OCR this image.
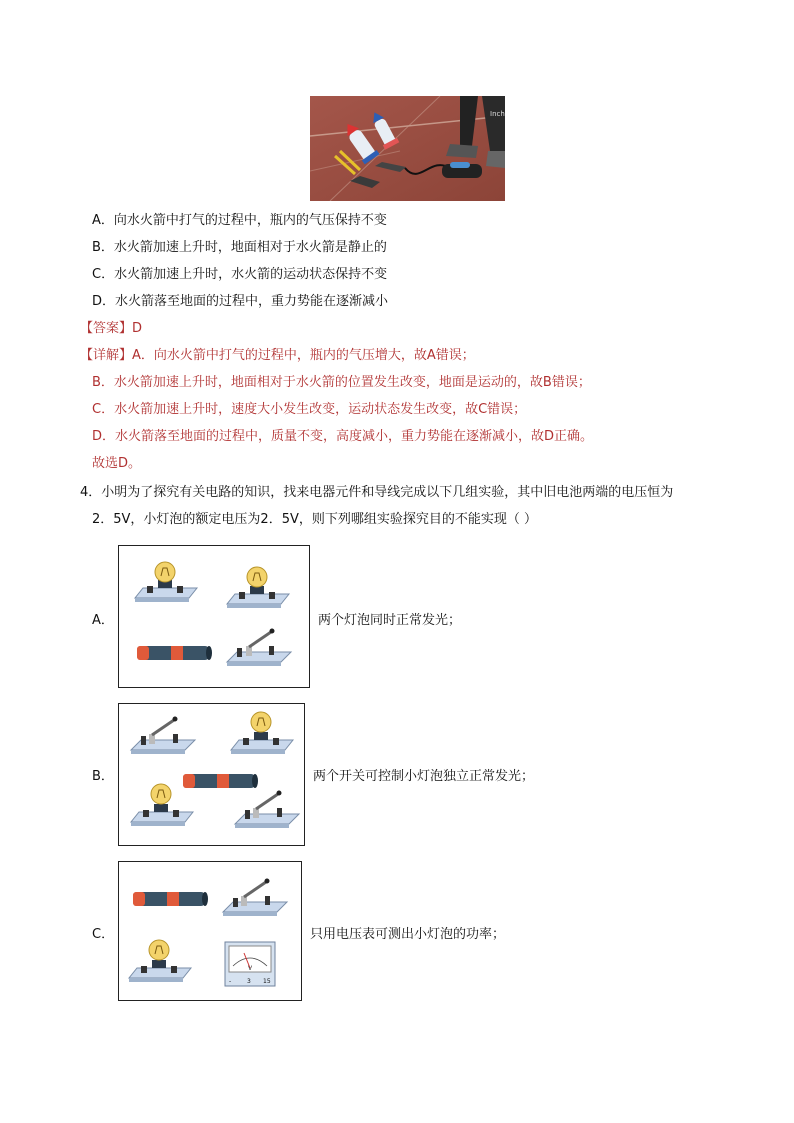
Inch
A．向水火箭中打气的过程中，瓶内的气压保持不变
B．水火箭加速上升时，地面相对于水火箭是静止的
C．水火箭加速上升时，水火箭的运动状态保持不变
D．水火箭落至地面的过程中，重力势能在逐渐减小
【答案】D
【详解】A．向水火箭中打气的过程中，瓶内的气压增大，故A错误；
B．水火箭加速上升时，地面相对于水火箭的位置发生改变，地面是运动的，故B错误；
C．水火箭加速上升时，速度大小发生改变，运动状态发生改变，故C错误；
D．水火箭落至地面的过程中，质量不变，高度减小，重力势能在逐渐减小，故D正确。
故选D。
4．小明为了探究有关电路的知识，找来电器元件和导线完成以下几组实验，其中旧电池两端的电压恒为
2．5V，小灯泡的额定电压为2．5V，则下列哪组实验探究目的不能实现（ ）
A．	两个灯泡同时正常发光；
B．	两个开关可控制小灯泡独立正常发光；
C．
V
-	3 15
只用电压表可测出小灯泡的功率；
